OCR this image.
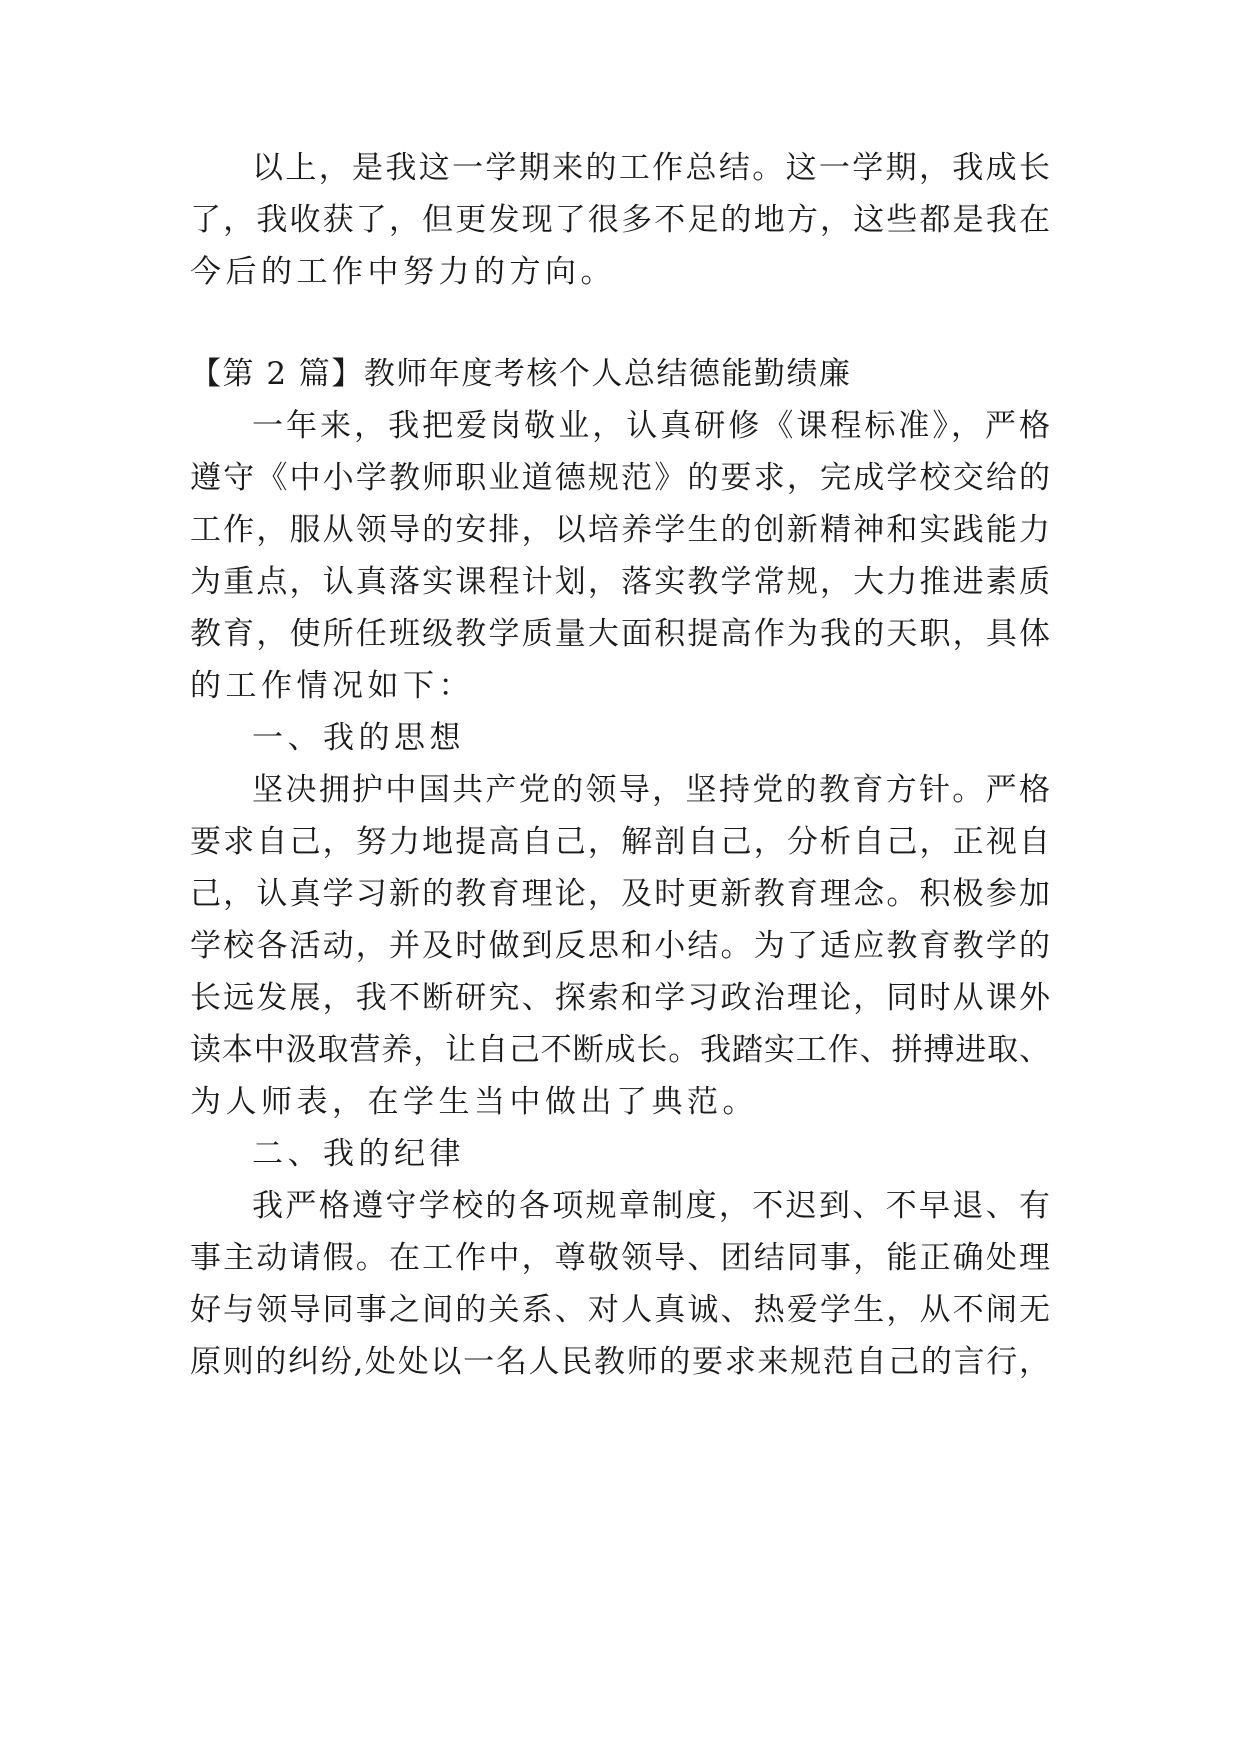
以上，是我这一学期来的工作总结。这一学期，我成长
了，我收获了，但更发现了很多不足的地方，这些都是我在
今后的工作中努力的方向。
【第 2 篇】教师年度考核个人总结德能勤绩廉
一年来，我把爱岗敬业，认真研修《课程标准》，严格
遵守《中小学教师职业道德规范》的要求，完成学校交给的
工作，服从领导的安排，以培养学生的创新精神和实践能力
为重点，认真落实课程计划，落实教学常规，大力推进素质
教育，使所任班级教学质量大面积提高作为我的天职，具体
的工作情况如下：
一、我的思想
坚决拥护中国共产党的领导，坚持党的教育方针。严格
要求自己，努力地提高自己，解剖自己，分析自己，正视自
己，认真学习新的教育理论，及时更新教育理念。积极参加
学校各活动，并及时做到反思和小结。为了适应教育教学的
长远发展，我不断研究、探索和学习政治理论，同时从课外
读本中汲取营养，让自己不断成长。我踏实工作、拼搏进取、
为人师表，在学生当中做出了典范。
二、我的纪律
我严格遵守学校的各项规章制度，不迟到、不早退、有
事主动请假。在工作中，尊敬领导、团结同事，能正确处理
好与领导同事之间的关系、对人真诚、热爱学生，从不闹无
原则的纠纷,处处以一名人民教师的要求来规范自己的言行，
